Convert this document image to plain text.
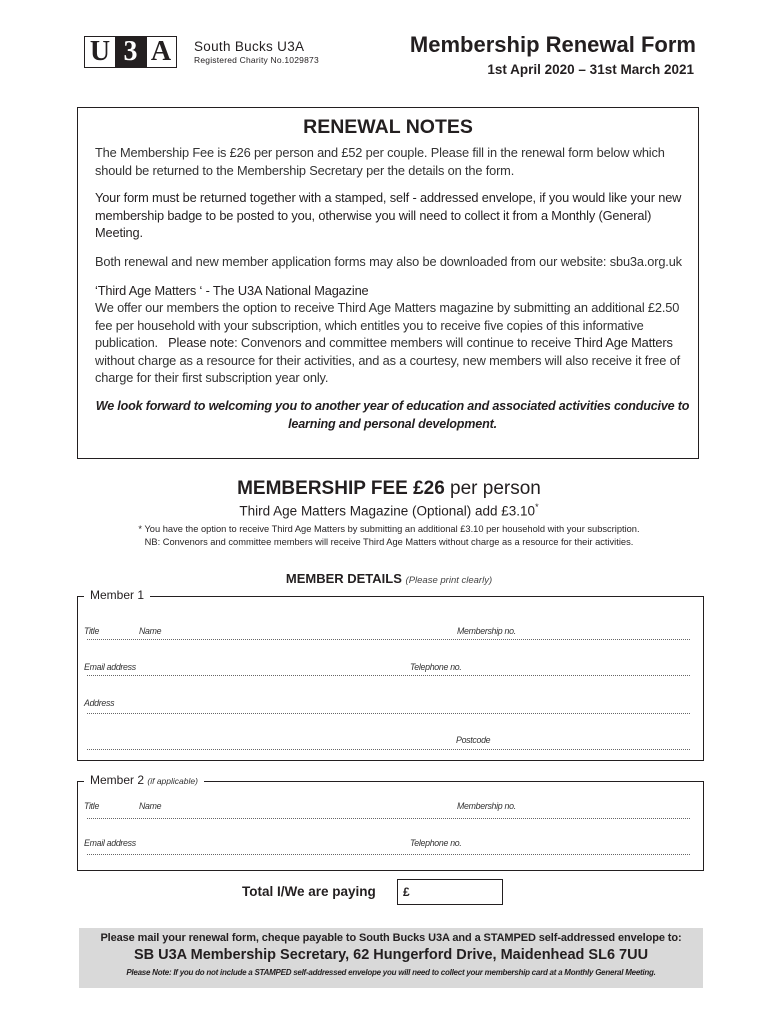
U 3 A	South Bucks U3A
Registered Charity No.1029873
Membership Renewal Form
1st April 2020 – 31st March 2021
RENEWAL NOTES
The Membership Fee is £26 per person and £52 per couple. Please fill in the renewal form below which should be returned to the Membership Secretary per the details on the form.
Your form must be returned together with a stamped, self - addressed envelope, if you would like your new membership badge to be posted to you, otherwise you will need to collect it from a Monthly (General) Meeting.
Both renewal and new member application forms may also be downloaded from our website: sbu3a.org.uk
‘Third Age Matters ‘ - The U3A National Magazine
We offer our members the option to receive Third Age Matters magazine by submitting an additional £2.50 fee per household with your subscription, which entitles you to receive five copies of this informative publication. Please note: Convenors and committee members will continue to receive Third Age Matters without charge as a resource for their activities, and as a courtesy, new members will also receive it free of charge for their first subscription year only.
We look forward to welcoming you to another year of education and associated activities conducive to learning and personal development.
MEMBERSHIP FEE £26 per person
Third Age Matters Magazine (Optional) add £3.10*
* You have the option to receive Third Age Matters by submitting an additional £3.10 per household with your subscription.
NB: Convenors and committee members will receive Third Age Matters without charge as a resource for their activities.
MEMBER DETAILS (Please print clearly)
Member 1
Title	Name	Membership no.
Email address	Telephone no.
Address
Postcode
Member 2 (if applicable)
Title	Name	Membership no.
Email address	Telephone no.
Total I/We are paying £
Please mail your renewal form, cheque payable to South Bucks U3A and a STAMPED self-addressed envelope to:
SB U3A Membership Secretary, 62 Hungerford Drive, Maidenhead SL6 7UU
Please Note: If you do not include a STAMPED self-addressed envelope you will need to collect your membership card at a Monthly General Meeting.
